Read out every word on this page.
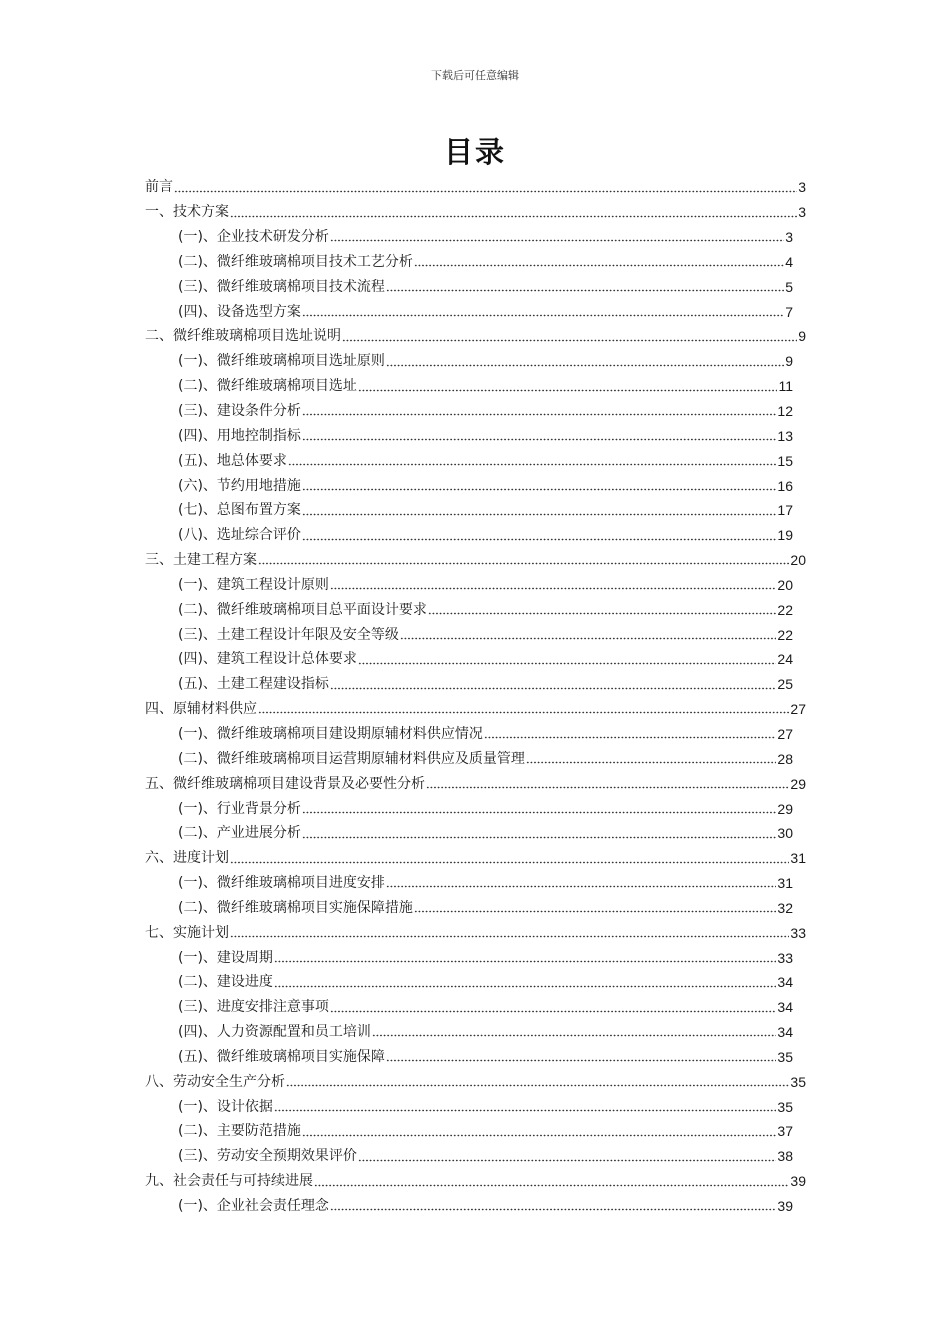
下载后可任意编辑
目录
前言	3
一、技术方案	3
(一)、企业技术研发分析	3
(二)、微纤维玻璃棉项目技术工艺分析	4
(三)、微纤维玻璃棉项目技术流程	5
(四)、设备选型方案	7
二、微纤维玻璃棉项目选址说明	9
(一)、微纤维玻璃棉项目选址原则	9
(二)、微纤维玻璃棉项目选址	11
(三)、建设条件分析	12
(四)、用地控制指标	13
(五)、地总体要求	15
(六)、节约用地措施	16
(七)、总图布置方案	17
(八)、选址综合评价	19
三、土建工程方案	20
(一)、建筑工程设计原则	20
(二)、微纤维玻璃棉项目总平面设计要求	22
(三)、土建工程设计年限及安全等级	22
(四)、建筑工程设计总体要求	24
(五)、土建工程建设指标	25
四、原辅材料供应	27
(一)、微纤维玻璃棉项目建设期原辅材料供应情况	27
(二)、微纤维玻璃棉项目运营期原辅材料供应及质量管理	28
五、微纤维玻璃棉项目建设背景及必要性分析	29
(一)、行业背景分析	29
(二)、产业进展分析	30
六、进度计划	31
(一)、微纤维玻璃棉项目进度安排	31
(二)、微纤维玻璃棉项目实施保障措施	32
七、实施计划	33
(一)、建设周期	33
(二)、建设进度	34
(三)、进度安排注意事项	34
(四)、人力资源配置和员工培训	34
(五)、微纤维玻璃棉项目实施保障	35
八、劳动安全生产分析	35
(一)、设计依据	35
(二)、主要防范措施	37
(三)、劳动安全预期效果评价	38
九、社会责任与可持续进展	39
(一)、企业社会责任理念	39
